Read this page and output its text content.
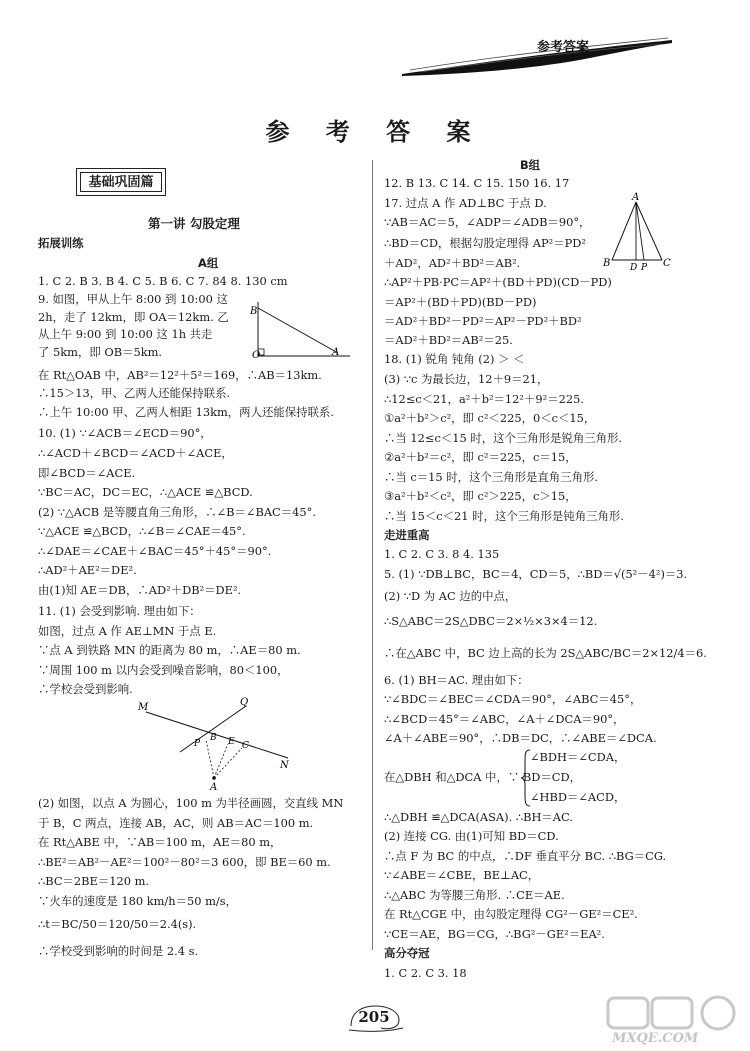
参考答案
参 考 答 案
基础巩固篇
第一讲 勾股定理
拓展训练
A组
1. C 2. B 3. B 4. C 5. B 6. C 7. 84 8. 130 cm
9. 如图，甲从上午 8:00 到 10:00 这
2h，走了 12km，即 OA＝12km. 乙
从上午 9:00 到 10:00 这 1h 共走
了 5km，即 OB＝5km.
在 Rt△OAB 中，AB²＝12²＋5²＝169，∴AB＝13km.
∴15＞13，甲、乙两人还能保持联系.
∴上午 10:00 甲、乙两人相距 13km，两人还能保持联系.
10. (1) ∵∠ACB＝∠ECD＝90°，
∴∠ACD＋∠BCD＝∠ACD＋∠ACE，
即∠BCD＝∠ACE.
∵BC＝AC，DC＝EC，∴△ACE ≌△BCD.
(2) ∵△ACB 是等腰直角三角形，∴∠B＝∠BAC＝45°.
∵△ACE ≌△BCD，∴∠B＝∠CAE＝45°.
∴∠DAE＝∠CAE＋∠BAC＝45°＋45°＝90°.
∴AD²＋AE²＝DE².
由(1)知 AE＝DB，∴AD²＋DB²＝DE².
11. (1) 会受到影响. 理由如下：
如图，过点 A 作 AE⊥MN 于点 E.
∵点 A 到铁路 MN 的距离为 80 m，∴AE＝80 m.
∵周围 100 m 以内会受到噪音影响，80＜100，
∴学校会受到影响.
(2) 如图，以点 A 为圆心，100 m 为半径画圆，交直线 MN
于 B，C 两点，连接 AB，AC，则 AB＝AC＝100 m.
在 Rt△ABE 中，∵AB＝100 m，AE＝80 m，
∴BE²＝AB²－AE²＝100²－80²＝3 600，即 BE＝60 m.
∴BC＝2BE＝120 m.
∵火车的速度是 180 km/h＝50 m/s，
∴t＝BC/50＝120/50＝2.4(s).
∴学校受到影响的时间是 2.4 s.
B
O	A
M	Q
P
B E C
N
A
B组
12. B 13. C 14. C 15. 150 16. 17
17. 过点 A 作 AD⊥BC 于点 D.
∵AB＝AC＝5，∠ADP＝∠ADB＝90°，
∴BD＝CD，根据勾股定理得 AP²＝PD²
＋AD²，AD²＋BD²＝AB².
∴AP²＋PB·PC＝AP²＋(BD＋PD)(CD－PD)
＝AP²＋(BD＋PD)(BD－PD)
＝AD²＋BD²－PD²＝AP²－PD²＋BD²
＝AD²＋BD²＝AB²＝25.
18. (1) 锐角 钝角 (2) ＞ ＜
(3) ∵c 为最长边，12＋9＝21，
∴12≤c＜21，a²＋b²＝12²＋9²＝225.
①a²＋b²＞c²，即 c²＜225，0＜c＜15，
∴当 12≤c＜15 时，这个三角形是锐角三角形.
②a²＋b²＝c²，即 c²＝225，c＝15，
∴当 c＝15 时，这个三角形是直角三角形.
③a²＋b²＜c²，即 c²＞225，c＞15，
∴当 15＜c＜21 时，这个三角形是钝角三角形.
走进重高
1. C 2. C 3. 8 4. 135
5. (1) ∵DB⊥BC，BC＝4，CD＝5，∴BD＝√(5²－4²)＝3.
(2) ∵D 为 AC 边的中点，
∴S△ABC＝2S△DBC＝2×½×3×4＝12.
∴在△ABC 中，BC 边上高的长为 2S△ABC/BC＝2×12/4＝6.
6. (1) BH＝AC. 理由如下：
∵∠BDC＝∠BEC＝∠CDA＝90°，∠ABC＝45°，
∴∠BCD＝45°＝∠ABC，∠A＋∠DCA＝90°，
∠A＋∠ABE＝90°，∴DB＝DC，∴∠ABE＝∠DCA.
∠BDH＝∠CDA，
在△DBH 和△DCA 中，∵ BD＝CD，
∠HBD＝∠ACD，
∴△DBH ≌△DCA(ASA). ∴BH＝AC.
(2) 连接 CG. 由(1)可知 BD＝CD.
∴点 F 为 BC 的中点，∴DF 垂直平分 BC. ∴BG＝CG.
∵∠ABE＝∠CBE，BE⊥AC，
∴△ABC 为等腰三角形. ∴CE＝AE.
在 Rt△CGE 中，由勾股定理得 CG²－GE²＝CE².
∵CE＝AE，BG＝CG，∴BG²－GE²＝EA².
高分夺冠
1. C 2. C 3. 18
A
B D P C
205
MXQE.COM
